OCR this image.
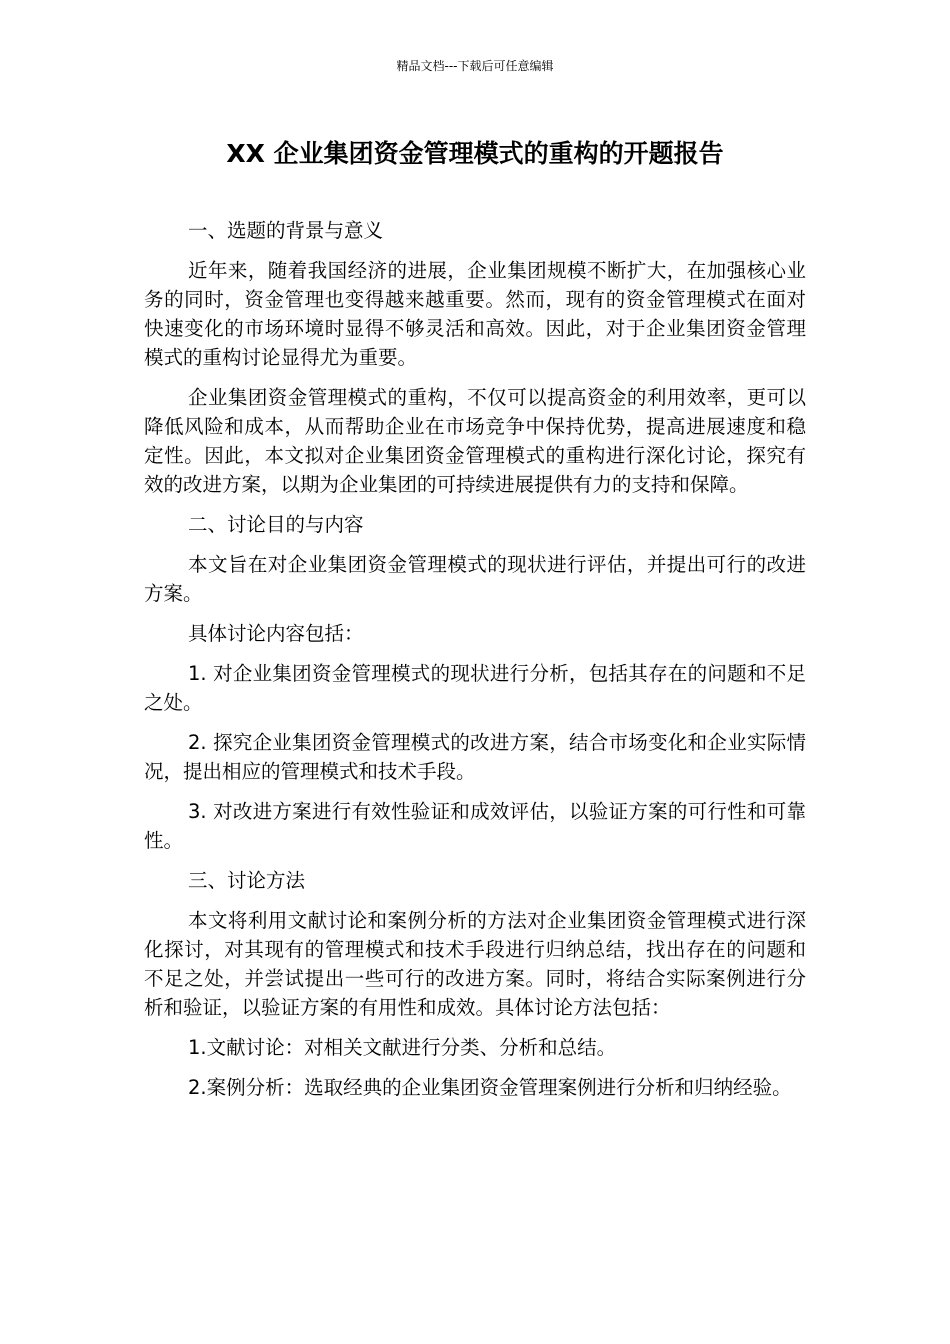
精品文档---下载后可任意编辑
XX 企业集团资金管理模式的重构的开题报告

一、选题的背景与意义

近年来，随着我国经济的进展，企业集团规模不断扩大，在加强核心业务的同时，资金管理也变得越来越重要。然而，现有的资金管理模式在面对快速变化的市场环境时显得不够灵活和高效。因此，对于企业集团资金管理模式的重构讨论显得尤为重要。

企业集团资金管理模式的重构，不仅可以提高资金的利用效率，更可以降低风险和成本，从而帮助企业在市场竞争中保持优势，提高进展速度和稳定性。因此，本文拟对企业集团资金管理模式的重构进行深化讨论，探究有效的改进方案，以期为企业集团的可持续进展提供有力的支持和保障。

二、讨论目的与内容

本文旨在对企业集团资金管理模式的现状进行评估，并提出可行的改进方案。

具体讨论内容包括：

1. 对企业集团资金管理模式的现状进行分析，包括其存在的问题和不足之处。

2. 探究企业集团资金管理模式的改进方案，结合市场变化和企业实际情况，提出相应的管理模式和技术手段。

3. 对改进方案进行有效性验证和成效评估，以验证方案的可行性和可靠性。

三、讨论方法

本文将利用文献讨论和案例分析的方法对企业集团资金管理模式进行深化探讨，对其现有的管理模式和技术手段进行归纳总结，找出存在的问题和不足之处，并尝试提出一些可行的改进方案。同时，将结合实际案例进行分析和验证，以验证方案的有用性和成效。具体讨论方法包括：

1.文献讨论：对相关文献进行分类、分析和总结。

2.案例分析：选取经典的企业集团资金管理案例进行分析和归纳经验。
